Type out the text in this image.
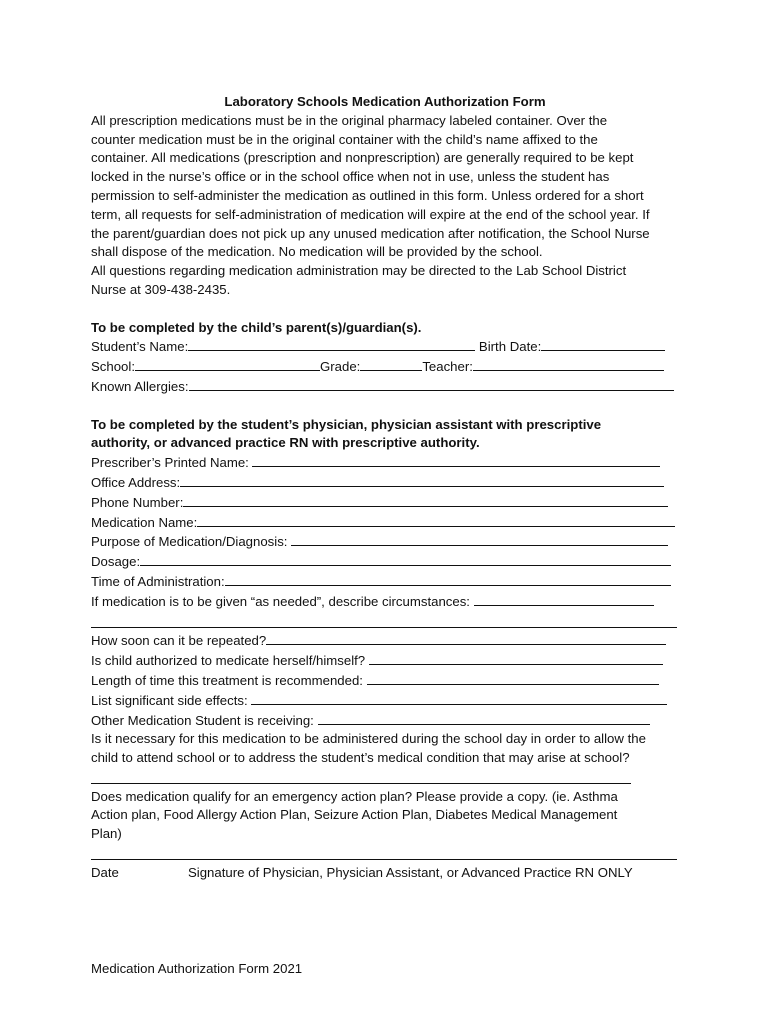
Laboratory Schools Medication Authorization Form
All prescription medications must be in the original pharmacy labeled container. Over the
counter medication must be in the original container with the child’s name affixed to the
container. All medications (prescription and nonprescription) are generally required to be kept
locked in the nurse’s office or in the school office when not in use, unless the student has
permission to self-administer the medication as outlined in this form. Unless ordered for a short
term, all requests for self-administration of medication will expire at the end of the school year. If
the parent/guardian does not pick up any unused medication after notification, the School Nurse
shall dispose of the medication. No medication will be provided by the school.
All questions regarding medication administration may be directed to the Lab School District
Nurse at 309-438-2435.
To be completed by the child’s parent(s)/guardian(s).
Student’s Name:	Birth Date:
School:	Grade:	Teacher:
Known Allergies:
To be completed by the student’s physician, physician assistant with prescriptive
authority, or advanced practice RN with prescriptive authority.
Prescriber’s Printed Name:
Office Address:
Phone Number:
Medication Name:
Purpose of Medication/Diagnosis:
Dosage:
Time of Administration:
If medication is to be given “as needed”, describe circumstances:
How soon can it be repeated?
Is child authorized to medicate herself/himself?
Length of time this treatment is recommended:
List significant side effects:
Other Medication Student is receiving:
Is it necessary for this medication to be administered during the school day in order to allow the
child to attend school or to address the student’s medical condition that may arise at school?
Does medication qualify for an emergency action plan? Please provide a copy. (ie. Asthma
Action plan, Food Allergy Action Plan, Seizure Action Plan, Diabetes Medical Management
Plan)
Date	Signature of Physician, Physician Assistant, or Advanced Practice RN ONLY
Medication Authorization Form 2021
